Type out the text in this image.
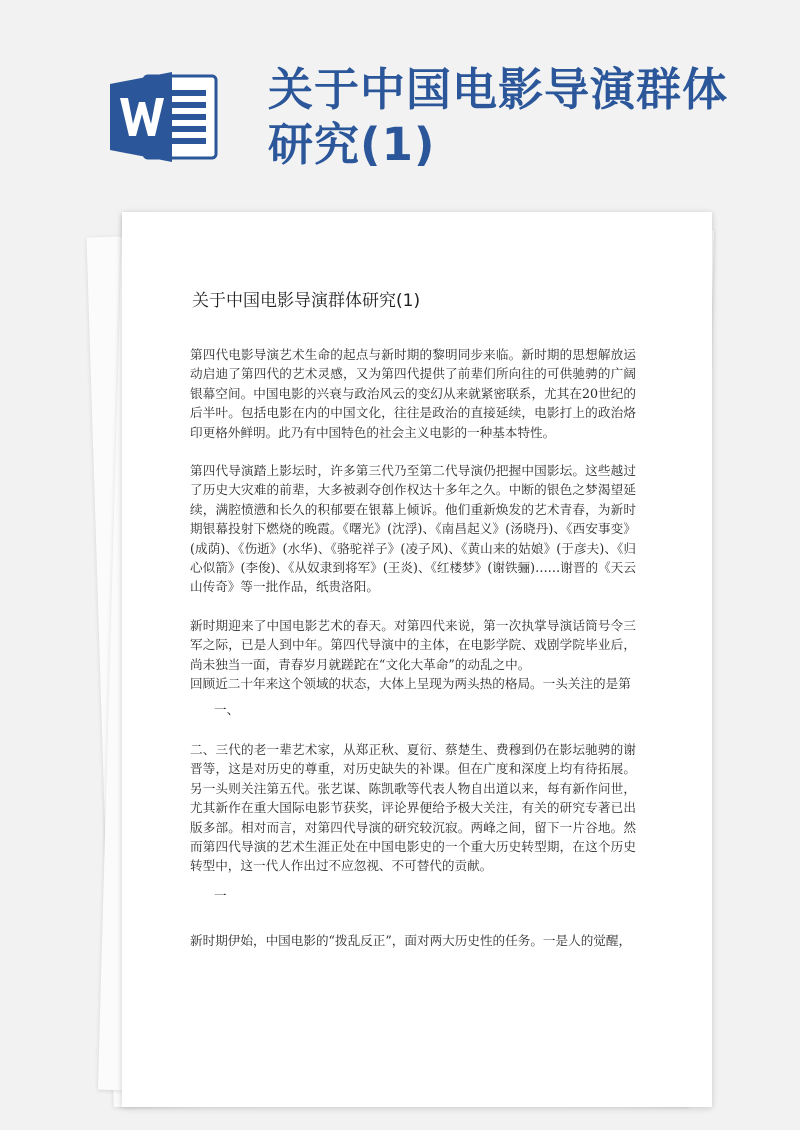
关于中国电影导演群体
研究(1)
关于中国电影导演群体研究(1)

第四代电影导演艺术生命的起点与新时期的黎明同步来临。新时期的思想解放运动启迪了第四代的艺术灵感，又为第四代提供了前辈们所向往的可供驰骋的广阔银幕空间。中国电影的兴衰与政治风云的变幻从来就紧密联系，尤其在20世纪的后半叶。包括电影在内的中国文化，往往是政治的直接延续，电影打上的政治烙印更格外鲜明。此乃有中国特色的社会主义电影的一种基本特性。

第四代导演踏上影坛时，许多第三代乃至第二代导演仍把握中国影坛。这些越过了历史大灾难的前辈，大多被剥夺创作权达十多年之久。中断的银色之梦渴望延续，满腔愤懑和长久的积郁要在银幕上倾诉。他们重新焕发的艺术青春，为新时期银幕投射下燃烧的晚霞。《曙光》(沈浮)、《南昌起义》(汤晓丹)、《西安事变》(成荫)、《伤逝》(水华)、《骆驼祥子》(凌子风)、《黄山来的姑娘》(于彦夫)、《归心似箭》(李俊)、《从奴隶到将军》(王炎)、《红楼梦》(谢铁骊)……谢晋的《天云山传奇》等一批作品，纸贵洛阳。

新时期迎来了中国电影艺术的春天。对第四代来说，第一次执掌导演话筒号令三军之际，已是人到中年。第四代导演中的主体，在电影学院、戏剧学院毕业后，尚未独当一面，青春岁月就蹉跎在“文化大革命”的动乱之中。

回顾近二十年来这个领域的状态，大体上呈现为两头热的格局。一头关注的是第

一、

二、三代的老一辈艺术家，从郑正秋、夏衍、蔡楚生、费穆到仍在影坛驰骋的谢晋等，这是对历史的尊重，对历史缺失的补课。但在广度和深度上均有待拓展。另一头则关注第五代。张艺谋、陈凯歌等代表人物自出道以来，每有新作问世，尤其新作在重大国际电影节获奖，评论界便给予极大关注，有关的研究专著已出版多部。相对而言，对第四代导演的研究较沉寂。两峰之间，留下一片谷地。然而第四代导演的艺术生涯正处在中国电影史的一个重大历史转型期，在这个历史转型中，这一代人作出过不应忽视、不可替代的贡献。

一

新时期伊始，中国电影的“拨乱反正”，面对两大历史性的任务。一是人的觉醒，
